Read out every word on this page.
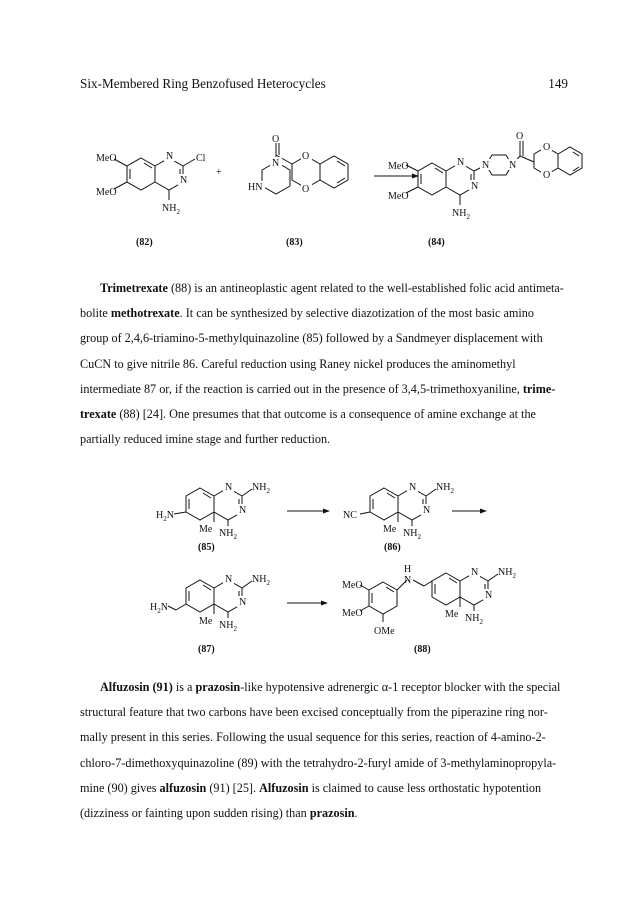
Six-Membered Ring Benzofused Heterocycles	149
MeO
MeO
N
N
Cl
$NH_2$
+
O
N
HN
O
O
MeO
MeO
N
N
N N
O
O
O
$NH_2$
(82)	(83)	(84)

Trimetrexate (88) is an antineoplastic agent related to the well-established folic acid antimeta-
bolite methotrexate. It can be synthesized by selective diazotization of the most basic amino
group of 2,4,6-triamino-5-methylquinazoline (85) followed by a Sandmeyer displacement with
CuCN to give nitrile 86. Careful reduction using Raney nickel produces the aminomethyl
intermediate 87 or, if the reaction is carried out in the presence of 3,4,5-trimethoxyaniline, trime-
trexate (88) [24]. One presumes that that outcome is a consequence of amine exchange at the
partially reduced imine stage and further reduction.

N
N
$NH_2$
$H_2N$
Me $NH_2$
N
N
$NH_2$
NC
Me $NH_2$
(85)	(86)
N
N
$NH_2$
$H_2N$
Me $NH_2$
MeO
MeO
OMe
H
N
N
N
$NH_2$
Me $NH_2$
(87)	(88)

Alfuzosin (91) is a prazosin-like hypotensive adrenergic α-1 receptor blocker with the special
structural feature that two carbons have been excised conceptually from the piperazine ring nor-
mally present in this series. Following the usual sequence for this series, reaction of 4-amino-2-
chloro-7-dimethoxyquinazoline (89) with the tetrahydro-2-furyl amide of 3-methylaminopropyla-
mine (90) gives alfuzosin (91) [25]. Alfuzosin is claimed to cause less orthostatic hypotention
(dizziness or fainting upon sudden rising) than prazosin.
